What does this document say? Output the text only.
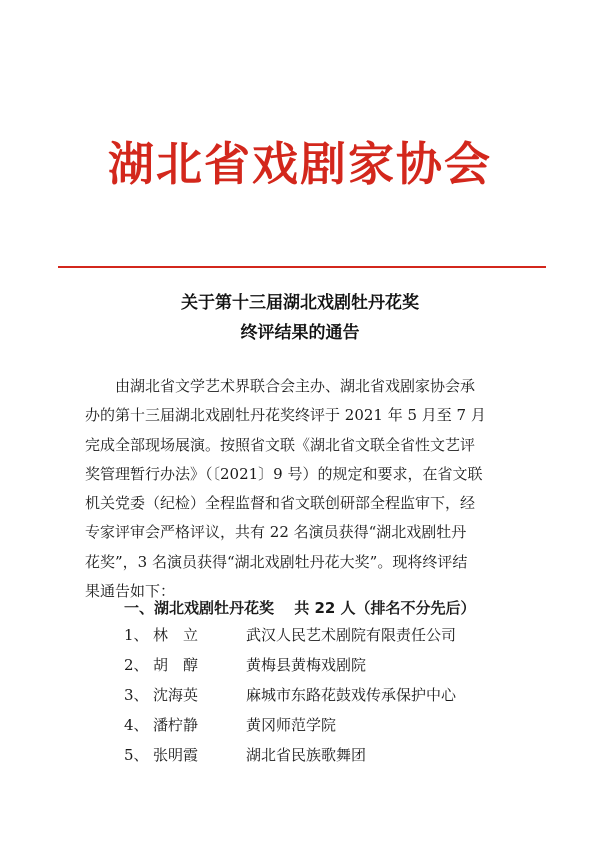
湖北省戏剧家协会
关于第十三届湖北戏剧牡丹花奖
终评结果的通告
　　由湖北省文学艺术界联合会主办、湖北省戏剧家协会承
办的第十三届湖北戏剧牡丹花奖终评于 2021 年 5 月至 7 月
完成全部现场展演。按照省文联《湖北省文联全省性文艺评
奖管理暂行办法》（〔2021〕9 号）的规定和要求，在省文联
机关党委（纪检）全程监督和省文联创研部全程监审下，经
专家评审会严格评议，共有 22 名演员获得“湖北戏剧牡丹
花奖”，3 名演员获得“湖北戏剧牡丹花大奖”。现将终评结
果通告如下：
一、湖北戏剧牡丹花奖　 共 22 人（排名不分先后）
1、 林　立	武汉人民艺术剧院有限责任公司
2、 胡　醇	黄梅县黄梅戏剧院
3、 沈海英	麻城市东路花鼓戏传承保护中心
4、 潘柠静	黄冈师范学院
5、 张明霞	湖北省民族歌舞团
